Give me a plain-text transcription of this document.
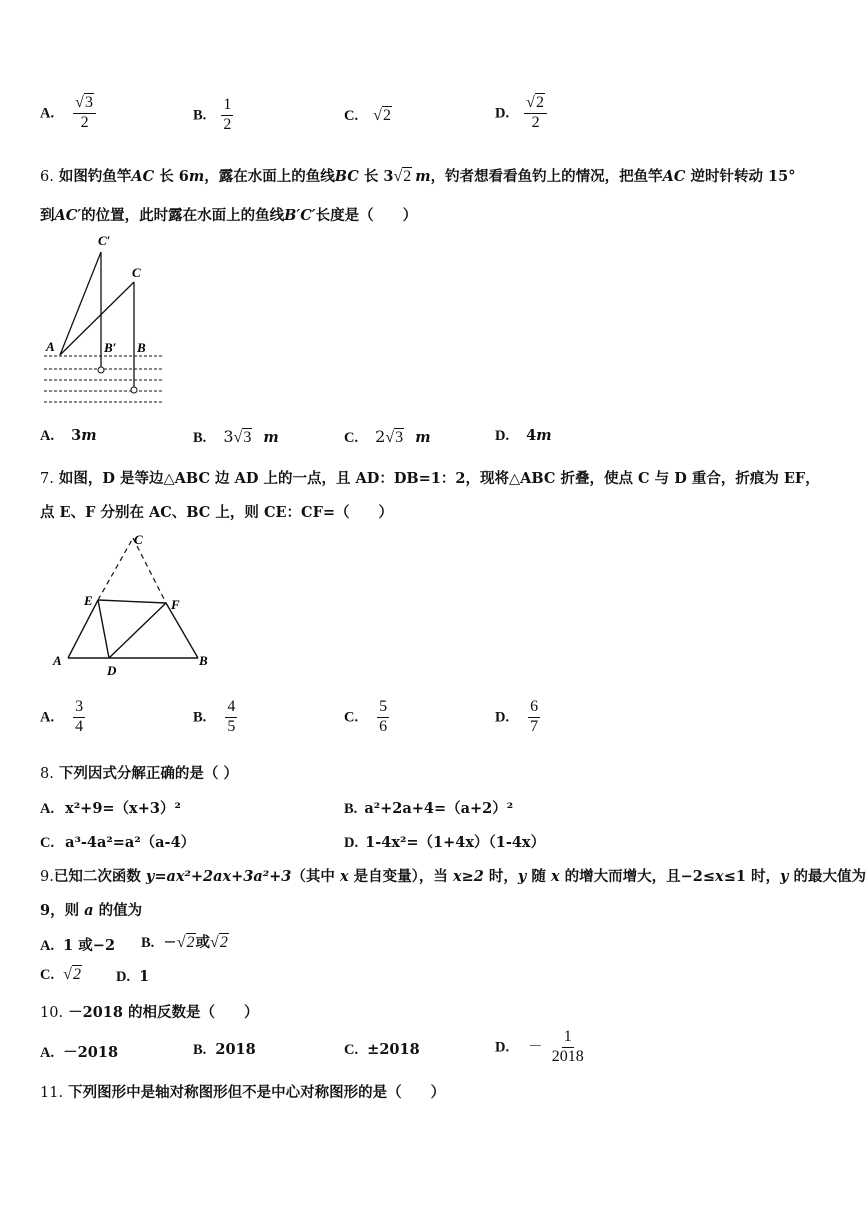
A. $\frac{√3}{2}$	B. $\frac{1}{2}$	C. √2	D. $\frac{√2}{2}$
6. 如图钓鱼竿AC 长 6m，露在水面上的鱼线BC 长 3√2 m，钓者想看看鱼钓上的情况，把鱼竿AC 逆时针转动 15°
到AC′的位置，此时露在水面上的鱼线B′C′长度是（　　）
C′
C
A	B′ B
A. 3m	B. 3√3 m	C. 2√3 m	D. 4m
7. 如图，D 是等边△ABC 边 AD 上的一点，且 AD：DB=1：2，现将△ABC 折叠，使点 C 与 D 重合，折痕为 EF，
点 E、F 分别在 AC、BC 上，则 CE：CF=（　　）
C
E	F
A
D
B
A. $\frac{3}{4}$	B. $\frac{4}{5}$	C. $\frac{5}{6}$	D. $\frac{6}{7}$
8. 下列因式分解正确的是（ ）
A. x²+9=（x+3）²	B. a²+2a+4=（a+2）²
C. a³-4a²=a²（a-4）	D. 1-4x²=（1+4x）（1-4x）
9.已知二次函数 y=ax²+2ax+3a²+3（其中 x 是自变量），当 x≥2 时，y 随 x 的增大而增大，且−2≤x≤1 时，y 的最大值为
9，则 a 的值为
A. 1 或−2 B. −√2或√2
C. √2 D. 1
10. －2018 的相反数是（　　）
A. －2018	B. 2018	C. ±2018	D. － $\frac{1}{2018}$
11. 下列图形中是轴对称图形但不是中心对称图形的是（　　）
